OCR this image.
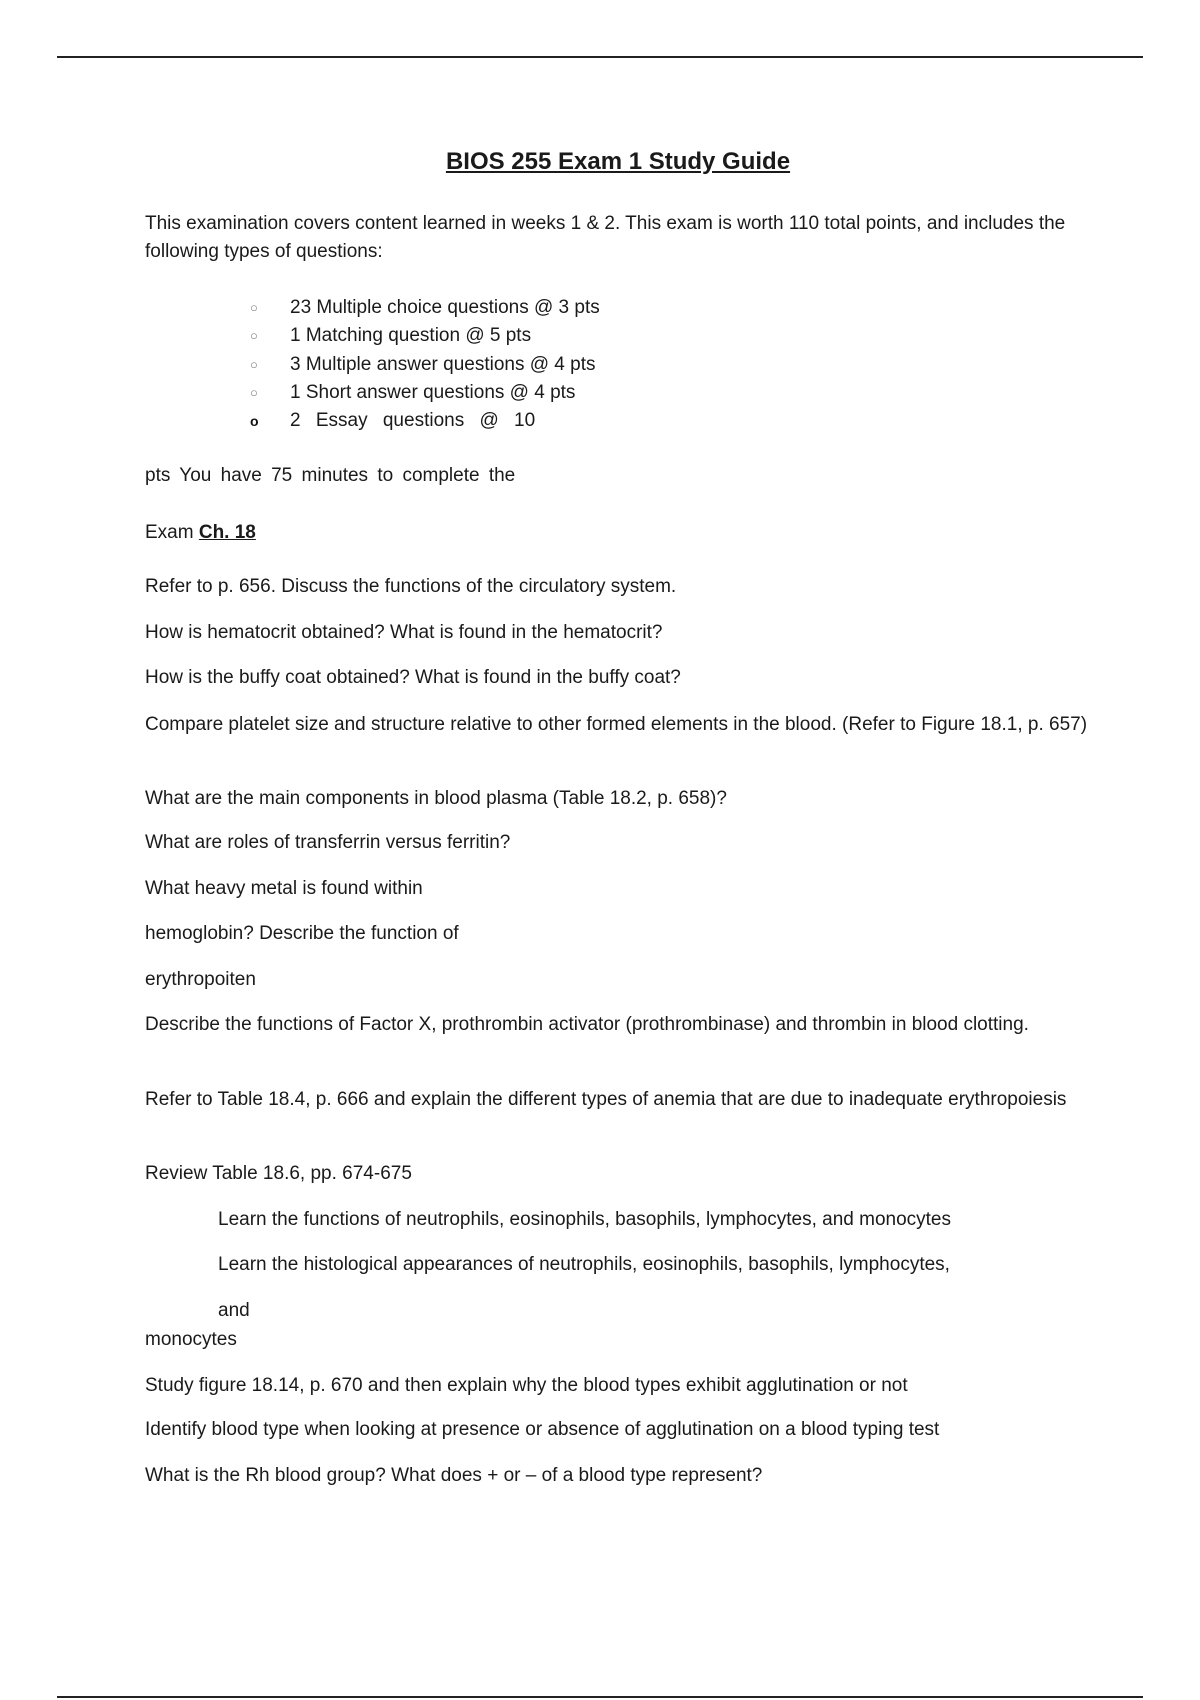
BIOS 255 Exam 1 Study Guide
This examination covers content learned in weeks 1 & 2. This exam is worth 110 total points, and includes the following types of questions:
○	23 Multiple choice questions @ 3 pts
○	1 Matching question @ 5 pts
○	3 Multiple answer questions @ 4 pts
○	1 Short answer questions @ 4 pts
o	2 Essay questions @ 10
pts You have 75 minutes to complete the
Exam Ch. 18
Refer to p. 656. Discuss the functions of the circulatory system.
How is hematocrit obtained? What is found in the hematocrit?
How is the buffy coat obtained? What is found in the buffy coat?
Compare platelet size and structure relative to other formed elements in the blood. (Refer to Figure 18.1, p. 657)
What are the main components in blood plasma (Table 18.2, p. 658)?
What are roles of transferrin versus ferritin?
What heavy metal is found within
hemoglobin? Describe the function of
erythropoiten
Describe the functions of Factor X, prothrombin activator (prothrombinase) and thrombin in blood clotting.
Refer to Table 18.4, p. 666 and explain the different types of anemia that are due to inadequate erythropoiesis
Review Table 18.6, pp. 674-675
Learn the functions of neutrophils, eosinophils, basophils, lymphocytes, and monocytes
Learn the histological appearances of neutrophils, eosinophils, basophils, lymphocytes,
and
monocytes
Study figure 18.14, p. 670 and then explain why the blood types exhibit agglutination or not
Identify blood type when looking at presence or absence of agglutination on a blood typing test
What is the Rh blood group? What does + or – of a blood type represent?
